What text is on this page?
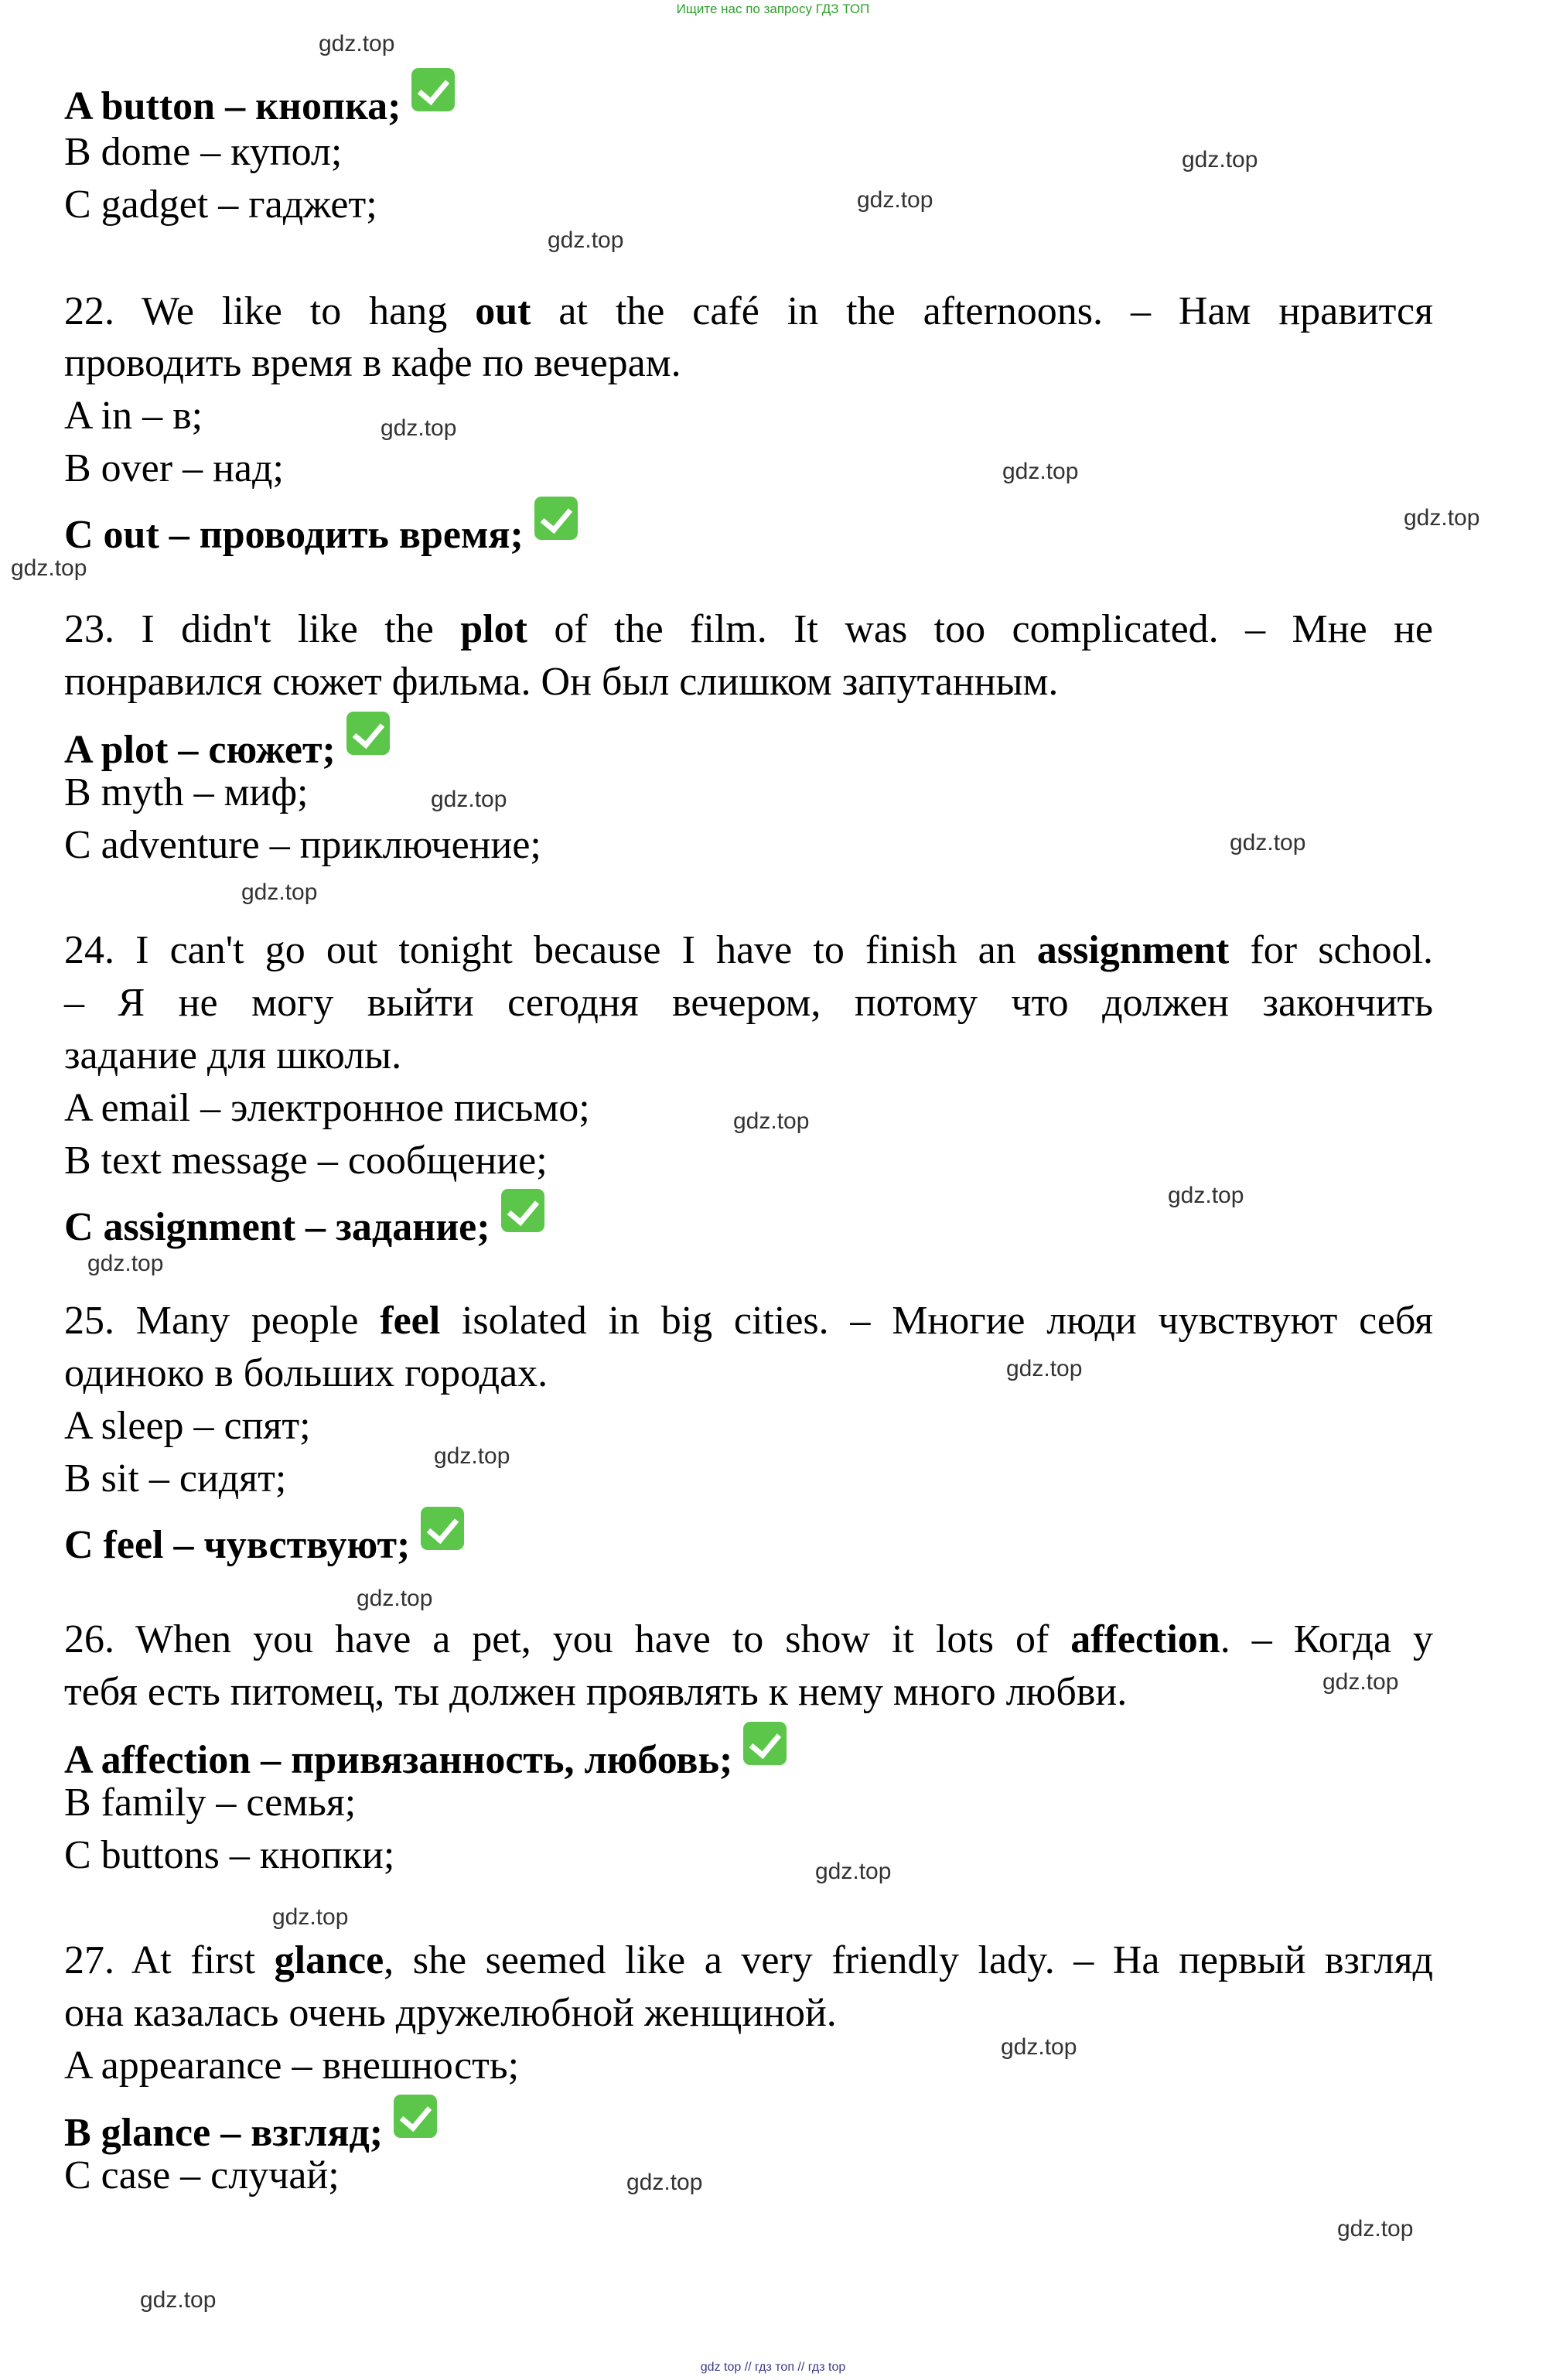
Ищите нас по запросу ГДЗ ТОП
A button – кнопка;
B dome – купол;
C gadget – гаджет;
22. We like to hang out at the café in the afternoons. – Нам нравится
проводить время в кафе по вечерам.
A in – в;
B over – над;
C out – проводить время;
23. I didn't like the plot of the film. It was too complicated. – Мне не
понравился сюжет фильма. Он был слишком запутанным.
A plot – сюжет;
B myth – миф;
C adventure – приключение;
24. I can't go out tonight because I have to finish an assignment for school.
– Я не могу выйти сегодня вечером, потому что должен закончить
задание для школы.
A email – электронное письмо;
B text message – сообщение;
C assignment – задание;
25. Many people feel isolated in big cities. – Многие люди чувствуют себя
одиноко в больших городах.
A sleep – спят;
B sit – сидят;
C feel – чувствуют;
26. When you have a pet, you have to show it lots of affection. – Когда у
тебя есть питомец, ты должен проявлять к нему много любви.
A affection – привязанность, любовь;
B family – семья;
C buttons – кнопки;
27. At first glance, she seemed like a very friendly lady. – На первый взгляд
она казалась очень дружелюбной женщиной.
A appearance – внешность;
B glance – взгляд;
C case – случай;
gdz.top
gdz.top
gdz.top
gdz.top
gdz.top
gdz.top
gdz.top
gdz.top
gdz.top
gdz.top
gdz.top
gdz.top
gdz.top
gdz.top
gdz.top
gdz.top
gdz.top
gdz.top
gdz.top
gdz.top
gdz.top
gdz.top
gdz.top
gdz.top
gdz top // гдз топ // гдз top
